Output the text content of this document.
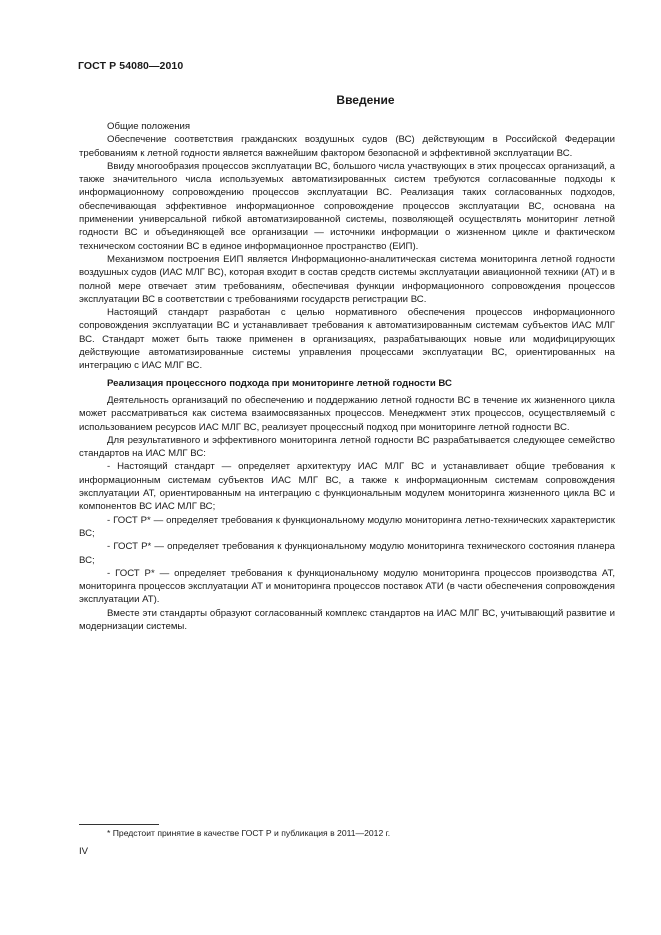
ГОСТ Р 54080—2010
Введение

Общие положения

Обеспечение соответствия гражданских воздушных судов (ВС) действующим в Российской Федерации требованиям к летной годности является важнейшим фактором безопасной и эффективной эксплуатации ВС.

Ввиду многообразия процессов эксплуатации ВС, большого числа участвующих в этих процессах организаций, а также значительного числа используемых автоматизированных систем требуются согласованные подходы к информационному сопровождению процессов эксплуатации ВС. Реализация таких согласованных подходов, обеспечивающая эффективное информационное сопровождение процессов эксплуатации ВС, основана на применении универсальной гибкой автоматизированной системы, позволяющей осуществлять мониторинг летной годности ВС и объединяющей все организации — источники информации о жизненном цикле и фактическом техническом состоянии ВС в единое информационное пространство (ЕИП).

Механизмом построения ЕИП является Информационно-аналитическая система мониторинга летной годности воздушных судов (ИАС МЛГ ВС), которая входит в состав средств системы эксплуатации авиационной техники (АТ) и в полной мере отвечает этим требованиям, обеспечивая функции информационного сопровождения процессов эксплуатации ВС в соответствии с требованиями государств регистрации ВС.

Настоящий стандарт разработан с целью нормативного обеспечения процессов информационного сопровождения эксплуатации ВС и устанавливает требования к автоматизированным системам субъектов ИАС МЛГ ВС. Стандарт может быть также применен в организациях, разрабатывающих новые или модифицирующих действующие автоматизированные системы управления процессами эксплуатации ВС, ориентированных на интеграцию с ИАС МЛГ ВС.

Реализация процессного подхода при мониторинге летной годности ВС

Деятельность организаций по обеспечению и поддержанию летной годности ВС в течение их жизненного цикла может рассматриваться как система взаимосвязанных процессов. Менеджмент этих процессов, осуществляемый с использованием ресурсов ИАС МЛГ ВС, реализует процессный подход при мониторинге летной годности ВС.

Для результативного и эффективного мониторинга летной годности ВС разрабатывается следующее семейство стандартов на ИАС МЛГ ВС:

- Настоящий стандарт — определяет архитектуру ИАС МЛГ ВС и устанавливает общие требования к информационным системам субъектов ИАС МЛГ ВС, а также к информационным системам сопровождения эксплуатации АТ, ориентированным на интеграцию с функциональным модулем мониторинга жизненного цикла ВС и компонентов ВС ИАС МЛГ ВС;

- ГОСТ Р* — определяет требования к функциональному модулю мониторинга летно-технических характеристик ВС;

- ГОСТ Р* — определяет требования к функциональному модулю мониторинга технического состояния планера ВС;

- ГОСТ Р* — определяет требования к функциональному модулю мониторинга процессов производства АТ, мониторинга процессов эксплуатации АТ и мониторинга процессов поставок АТИ (в части обеспечения сопровождения эксплуатации АТ).

Вместе эти стандарты образуют согласованный комплекс стандартов на ИАС МЛГ ВС, учитывающий развитие и модернизации системы.

* Предстоит принятие в качестве ГОСТ Р и публикация в 2011—2012 г.
IV
